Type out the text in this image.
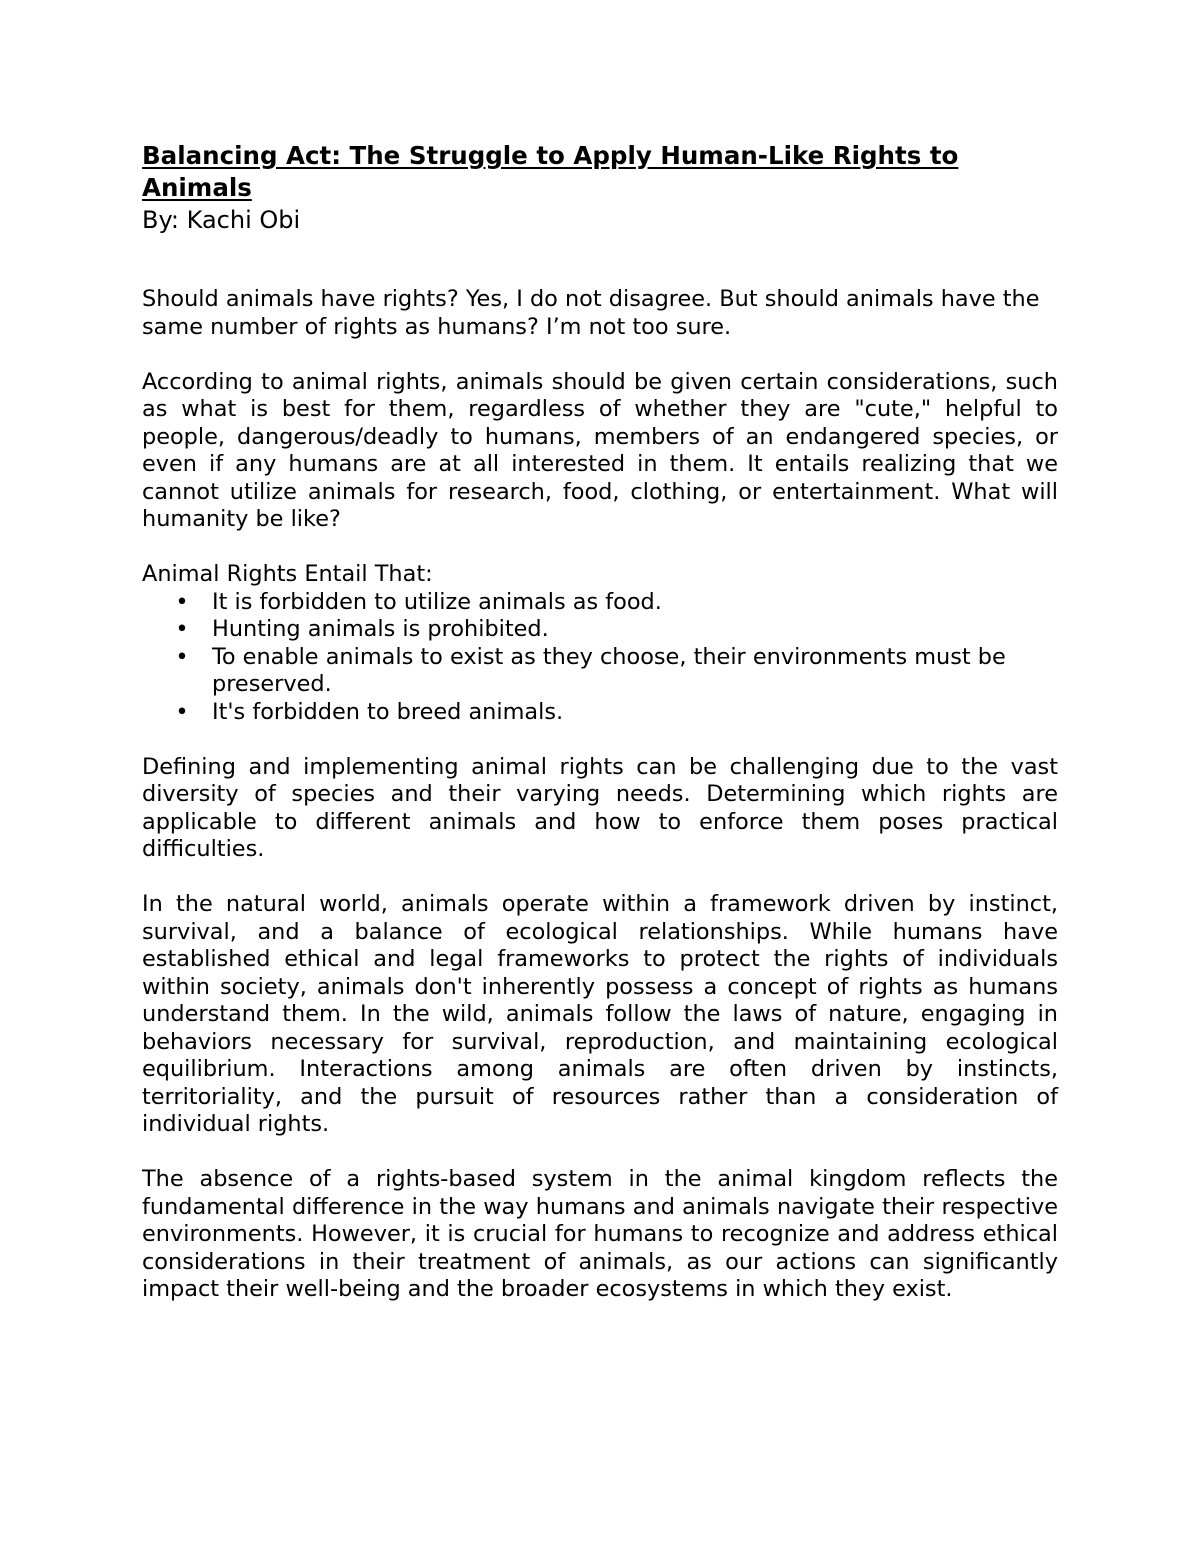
Balancing Act: The Struggle to Apply Human-Like Rights to Animals

By: Kachi Obi

Should animals have rights? Yes, I do not disagree. But should animals have the same number of rights as humans? I’m not too sure.

According to animal rights, animals should be given certain considerations, such as what is best for them, regardless of whether they are "cute," helpful to people, dangerous/deadly to humans, members of an endangered species, or even if any humans are at all interested in them. It entails realizing that we cannot utilize animals for research, food, clothing, or entertainment. What will humanity be like?

Animal Rights Entail That:

• It is forbidden to utilize animals as food.
• Hunting animals is prohibited.
• To enable animals to exist as they choose, their environments must be preserved.
• It's forbidden to breed animals.

Defining and implementing animal rights can be challenging due to the vast diversity of species and their varying needs. Determining which rights are applicable to different animals and how to enforce them poses practical difficulties.

In the natural world, animals operate within a framework driven by instinct, survival, and a balance of ecological relationships. While humans have established ethical and legal frameworks to protect the rights of individuals within society, animals don't inherently possess a concept of rights as humans understand them. In the wild, animals follow the laws of nature, engaging in behaviors necessary for survival, reproduction, and maintaining ecological equilibrium. Interactions among animals are often driven by instincts, territoriality, and the pursuit of resources rather than a consideration of individual rights.

The absence of a rights-based system in the animal kingdom reflects the fundamental difference in the way humans and animals navigate their respective environments. However, it is crucial for humans to recognize and address ethical considerations in their treatment of animals, as our actions can significantly impact their well-being and the broader ecosystems in which they exist.
